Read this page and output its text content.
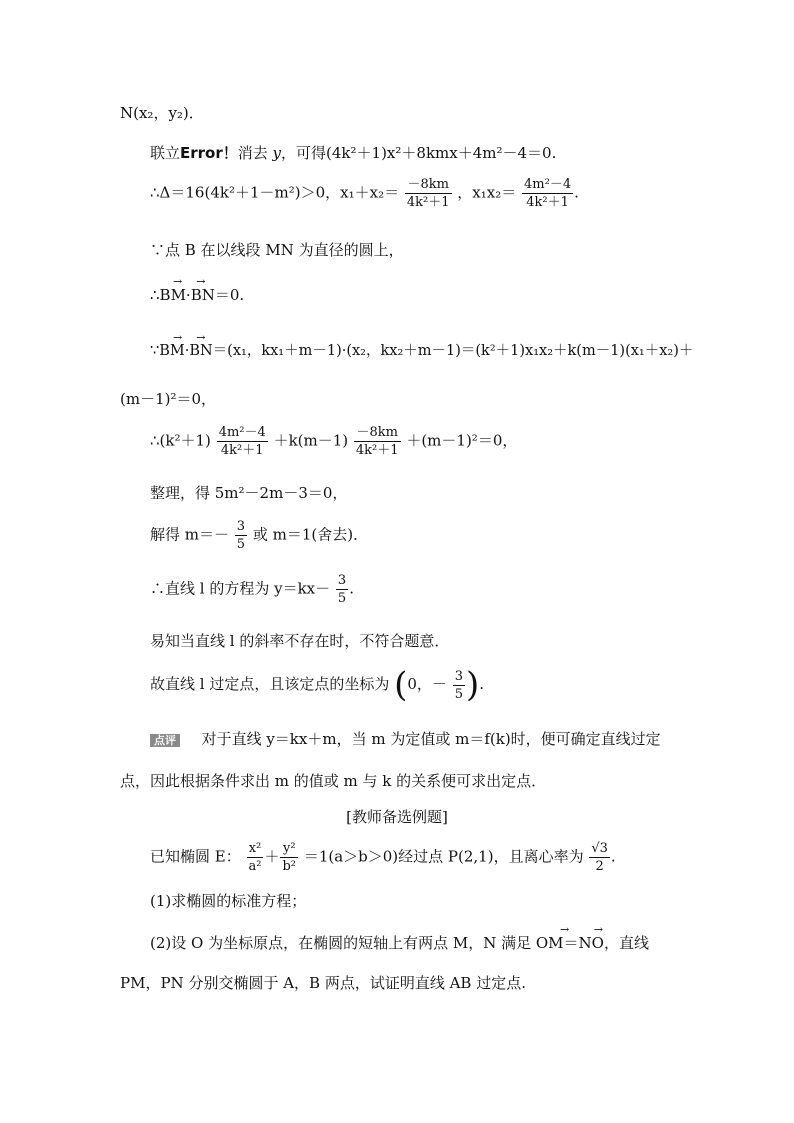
N(x₂，y₂)．
联立Error！消去 y，可得(4k²＋1)x²＋8kmx＋4m²－4＝0.
∴Δ＝16(4k²＋1－m²)＞0，$x_1+x_2= \frac{-8km}{\text{4k²＋1}}$ ，$x_1x_2= \frac{\text{4m²－4}}{\text{4k²＋1}}$ .
∵点 B 在以线段 MN 为直径的圆上，
∴BM·BN＝0.
→    →
∵BM·BN＝(x₁，kx₁＋m－1)·(x₂，kx₂＋m－1)＝(k²＋1)x₁x₂＋k(m－1)(x₁＋x₂)＋
→    →
(m－1)²＝0，
∴(k²＋1) $\frac{\text{4m²－4}}{\text{4k²＋1}} +k(m-1) \frac{-8km}{\text{4k²＋1}} +(m-1)^2=0$，
整理，得 5m²－2m－3＝0，
解得 $m=- \frac{3}{5}$ 或 m＝1(舍去)．
∴直线 l 的方程为 $y=kx- \frac{3}{5}$ .
易知当直线 l 的斜率不存在时，不符合题意．
故直线 l 过定点，且该定点的坐标为 (0，－ $\frac{3}{5}$ ).
点评 对于直线 y＝kx＋m，当 m 为定值或 m＝f(k)时，便可确定直线过定
点，因此根据条件求出 m 的值或 m 与 k 的关系便可求出定点．
[教师备选例题]
已知椭圆 E： $\frac{\text{x²}}{\text{a²}} + \frac{\text{y²}}{\text{b²}} =1(a>b>0)$经过点 P(2,1)，且离心率为 $\frac{√3}{2}$ .
(1)求椭圆的标准方程；
(2)设 O 为坐标原点，在椭圆的短轴上有两点 M，N 满足 OM＝NO，直线
→       →
PM，PN 分别交椭圆于 A，B 两点，试证明直线 AB 过定点.
